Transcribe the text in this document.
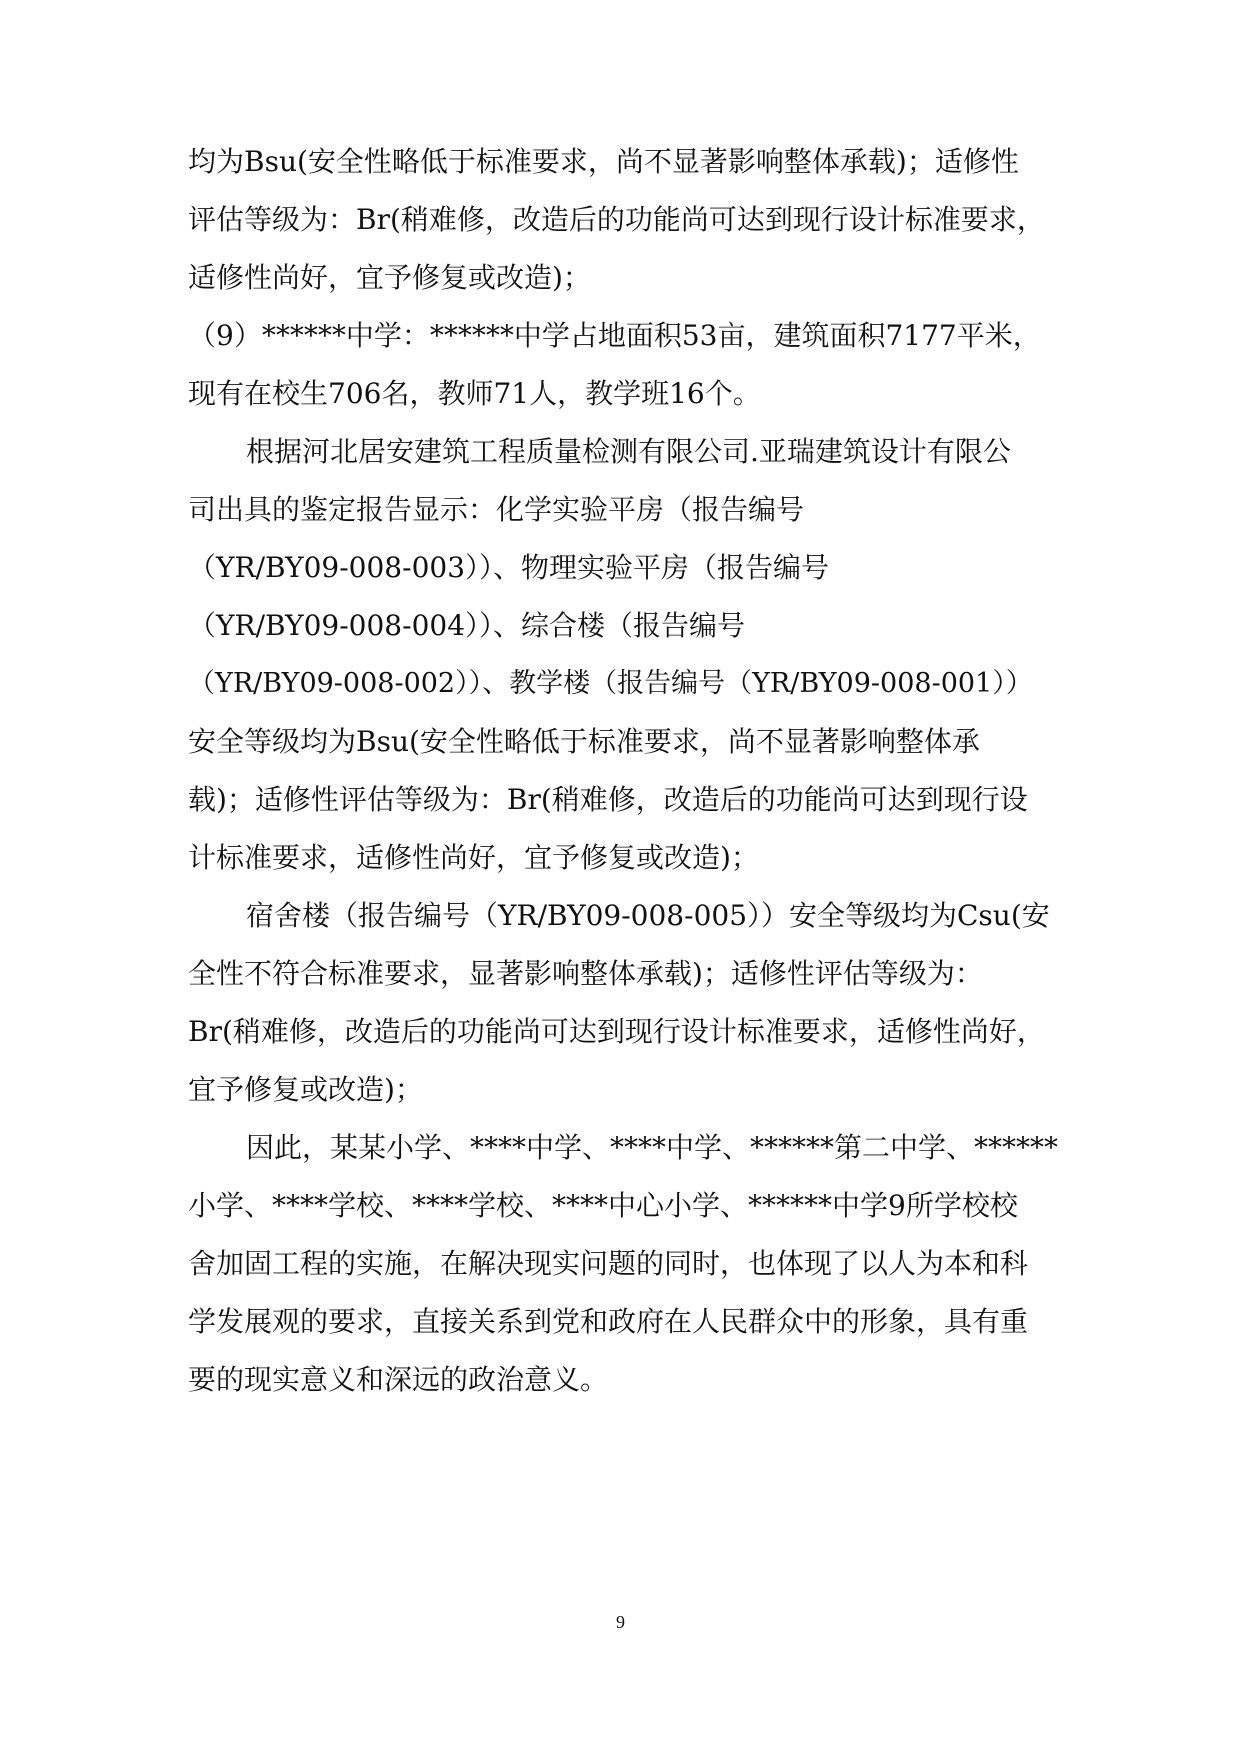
均为Bsu(安全性略低于标准要求，尚不显著影响整体承载)；适修性
评估等级为：Br(稍难修，改造后的功能尚可达到现行设计标准要求，
适修性尚好，宜予修复或改造)；
（9）******中学：******中学占地面积53亩，建筑面积7177平米，
现有在校生706名，教师71人，教学班16个。
根据河北居安建筑工程质量检测有限公司.亚瑞建筑设计有限公
司出具的鉴定报告显示：化学实验平房（报告编号
（YR/BY09-008-003））、物理实验平房（报告编号
（YR/BY09-008-004））、综合楼（报告编号
（YR/BY09-008-002））、教学楼（报告编号（YR/BY09-008-001））
安全等级均为Bsu(安全性略低于标准要求，尚不显著影响整体承
载)；适修性评估等级为：Br(稍难修，改造后的功能尚可达到现行设
计标准要求，适修性尚好，宜予修复或改造)；
宿舍楼（报告编号（YR/BY09-008-005））安全等级均为Csu(安
全性不符合标准要求，显著影响整体承载)；适修性评估等级为：
Br(稍难修，改造后的功能尚可达到现行设计标准要求，适修性尚好，
宜予修复或改造)；
因此，某某小学、****中学、****中学、******第二中学、******
小学、****学校、****学校、****中心小学、******中学9所学校校
舍加固工程的实施，在解决现实问题的同时，也体现了以人为本和科
学发展观的要求，直接关系到党和政府在人民群众中的形象，具有重
要的现实意义和深远的政治意义。
9
